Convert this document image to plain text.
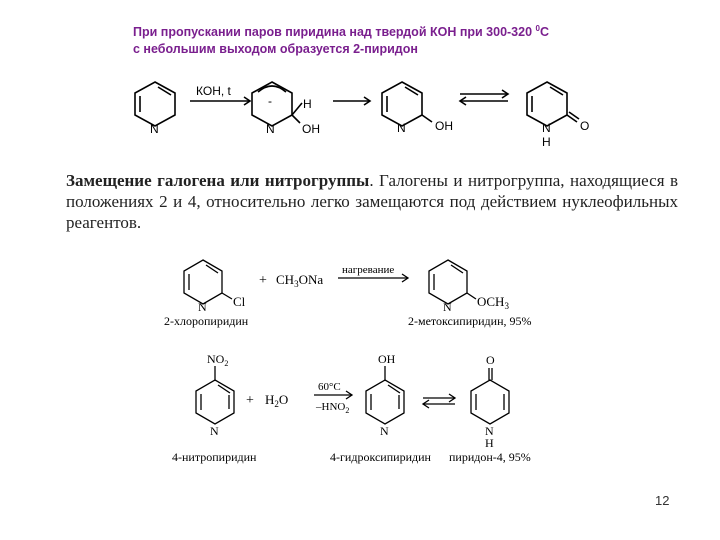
При пропускании паров пиридина над твердой КОН при 300-320 $^0$С
с небольшим выходом образуется 2-пиридон
N
КОН, t
-
N
H
OH	N OH	N
H
O
Замещение галогена или нитрогруппы. Галогены и нитрогруппа, находящиеся в положениях 2 и 4, относительно легко замещаются под действием нуклеофильных реагентов.
N Cl
+ $CH_3ONa$
нагревание
N $OCH_3$
2-хлоропиридин	2-метоксипиридин, 95%
$NO_2$
N
+ $H_2O$
60°C
$-HNO_2$
OH
N
O
N
H
4-нитропиридин	4-гидроксипиридин пиридон-4, 95%
12
